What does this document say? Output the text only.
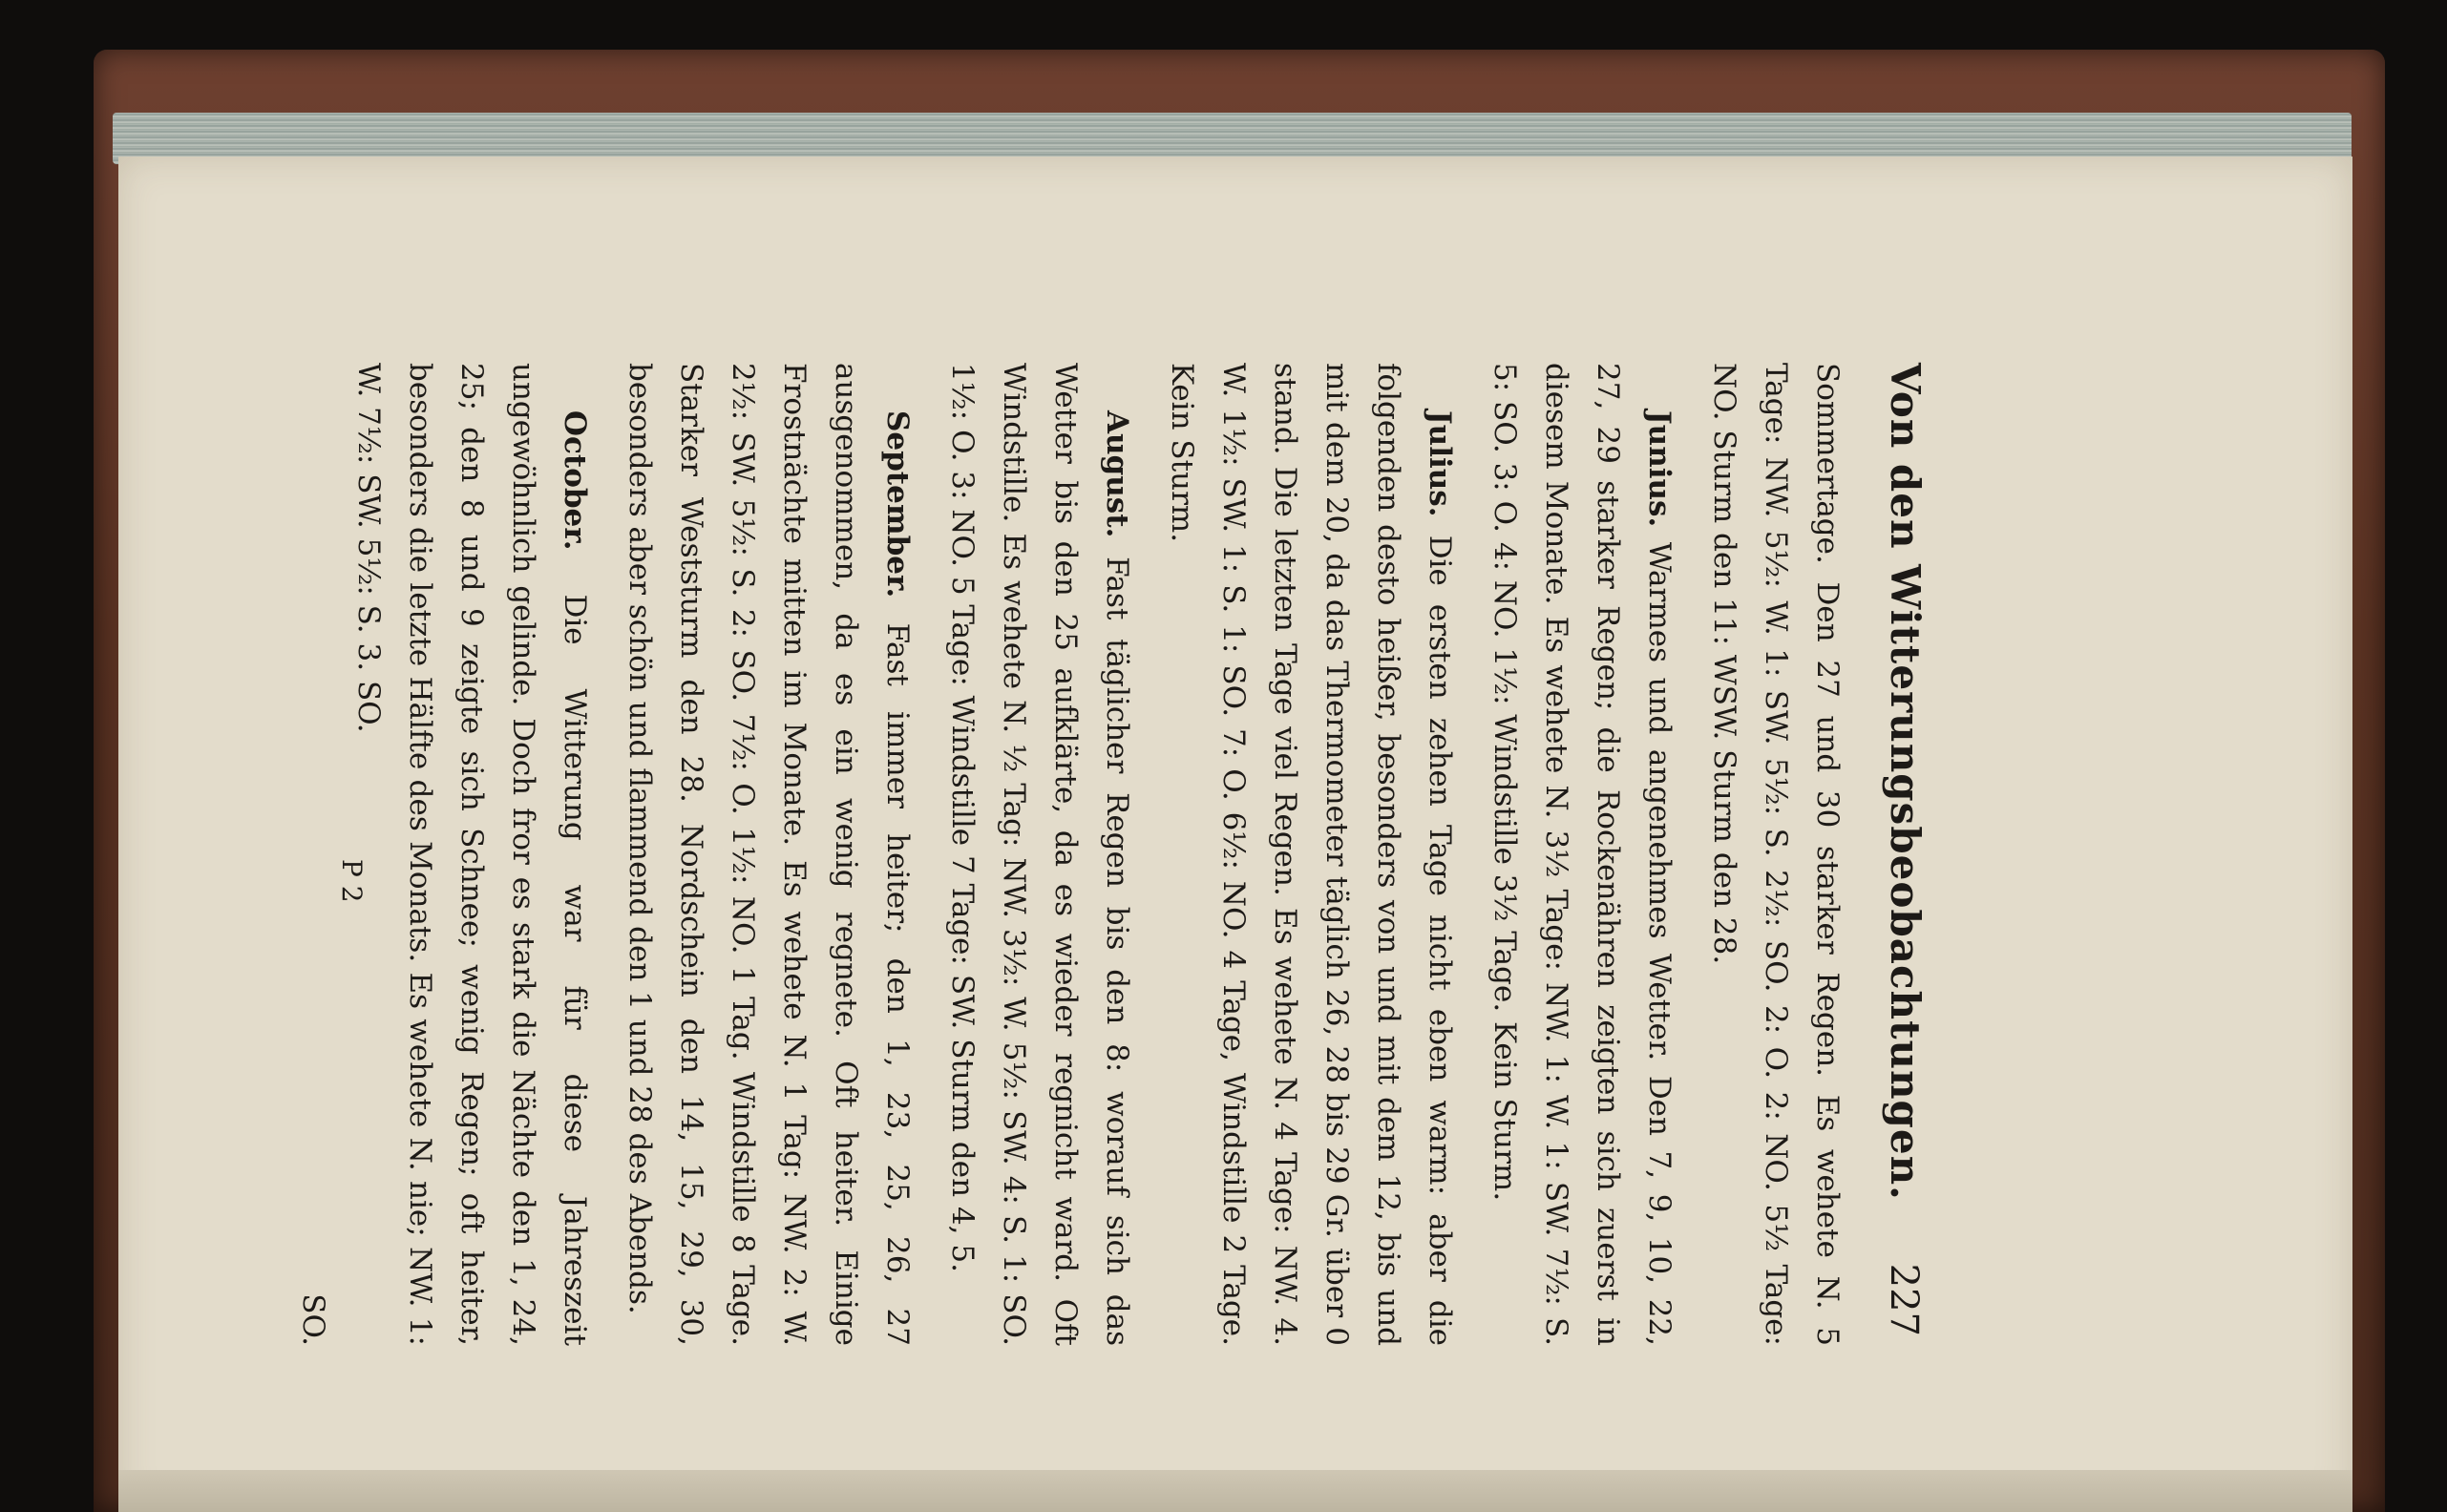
Von den Witterungsbeobachtungen.
227

Sommertage. Den 27 und 30 starker Regen. Es wehete N. 5 Tage: NW. 5½: W. 1: SW. 5½: S. 2½: SO. 2: O. 2: NO. 5½ Tage: NO. Sturm den 11: WSW. Sturm den 28.

Junius. Warmes und angenehmes Wetter. Den 7, 9, 10, 22, 27, 29 starker Regen; die Rockenähren zeigten sich zuerst in diesem Monate. Es wehete N. 3½ Tage: NW. 1: W. 1: SW. 7½: S. 5: SO. 3: O. 4: NO. 1½: Windstille 3½ Tage. Kein Sturm.

Julius. Die ersten zehen Tage nicht eben warm: aber die folgenden desto heißer, besonders von und mit dem 12, bis und mit dem 20, da das Thermometer täglich 26, 28 bis 29 Gr. über 0 stand. Die letzten Tage viel Regen. Es wehete N. 4 Tage: NW. 4. W. 1½: SW. 1: S. 1: SO. 7: O. 6½: NO. 4 Tage, Windstille 2 Tage. Kein Sturm.

August. Fast täglicher Regen bis den 8: worauf sich das Wetter bis den 25 aufklärte, da es wieder regnicht ward. Oft Windstille. Es wehete N. ½ Tag: NW. 3½: W. 5½: SW. 4: S. 1: SO. 1½: O. 3: NO. 5 Tage: Windstille 7 Tage: SW. Sturm den 4, 5.

September. Fast immer heiter; den 1, 23, 25, 26, 27 ausgenommen, da es ein wenig regnete. Oft heiter. Einige Frostnächte mitten im Monate. Es wehete N. 1 Tag: NW. 2: W. 2½: SW. 5½: S. 2: SO. 7½: O. 1½: NO. 1 Tag. Windstille 8 Tage. Starker Weststurm den 28. Nordschein den 14, 15, 29, 30, besonders aber schön und flammend den 1 und 28 des Abends.

October. Die Witterung war für diese Jahreszeit ungewöhnlich gelinde. Doch fror es stark die Nächte den 1, 24, 25; den 8 und 9 zeigte sich Schnee; wenig Regen; oft heiter, besonders die letzte Hälfte des Monats. Es wehete N. nie; NW. 1: W. 7½: SW. 5½: S. 3. SO.

P 2
SO.
